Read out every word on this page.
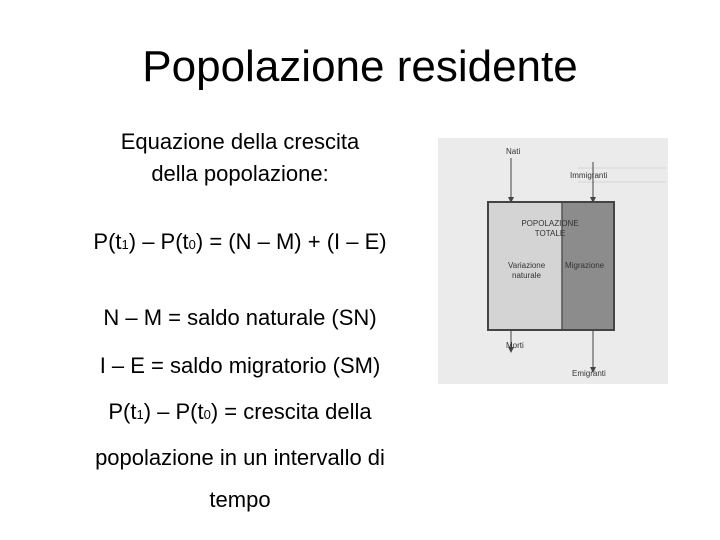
Popolazione residente
Equazione della crescita
della popolazione:
P(t1) – P(t0) = (N – M) + (I – E)
N – M = saldo naturale (SN)
I – E = saldo migratorio (SM)
P(t1) – P(t0) = crescita della
popolazione in un intervallo di
tempo
Nati
Immigranti
POPOLAZIONE
TOTALE
Variazione
naturale
Migrazione
Morti
Emigranti
